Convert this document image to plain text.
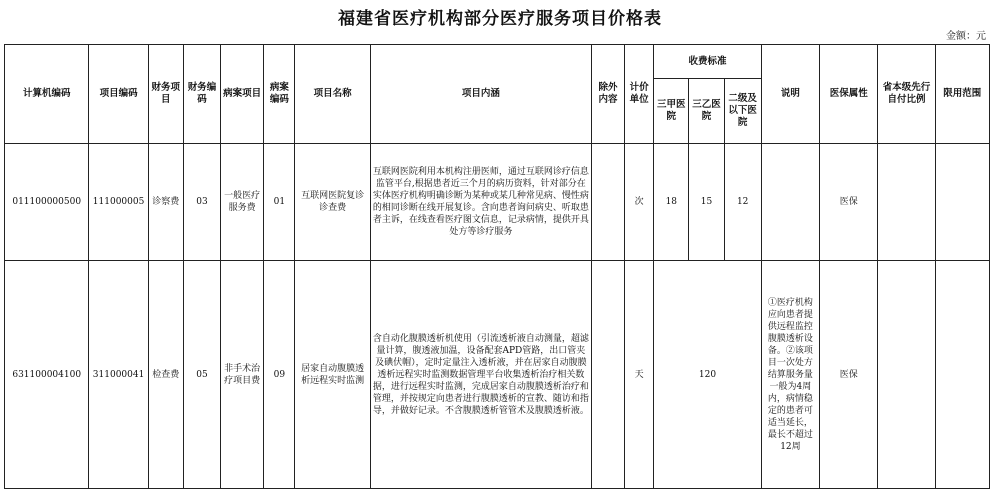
福建省医疗机构部分医疗服务项目价格表
金额：元
计算机编码	项目编码	财务项目	财务编码	病案项目	病案编码	项目名称	项目内涵	除外内容	计价单位	收费标准			说明	医保属性	省本级先行自付比例	限用范围
										三甲医院	三乙医院	二级及以下医院				
011100000500	111000005	诊察费	03	一般医疗服务费	01	互联网医院复诊诊查费	互联网医院利用本机构注册医师，通过互联网诊疗信息监管平台,根据患者近三个月的病历资料，针对部分在实体医疗机构明确诊断为某种或某几种常见病、慢性病的相同诊断在线开展复诊。含向患者询问病史、听取患者主诉，在线查看医疗图文信息，记录病情，提供开具处方等诊疗服务		次	18	15	12		医保		
631100004100	311000041	检查费	05	非手术治疗项目费	09	居家自动腹膜透析远程实时监测	含自动化腹膜透析机使用（引流透析液自动测量，超滤量计算，腹透液加温，设备配套APD管路，出口管夹及碘伏帽），定时定量注入透析液，并在居家自动腹膜透析远程实时监测数据管理平台收集透析治疗相关数据，进行远程实时监测，完成居家自动腹膜透析治疗和管理，并按规定向患者进行腹膜透析的宣教、随访和指导，并做好记录。不含腹膜透析管管术及腹膜透析液。		天	120			①医疗机构应向患者提供远程监控腹膜透析设备。②该项目一次处方结算服务量一般为4周内，病情稳定的患者可适当延长，最长不超过12周	医保		
